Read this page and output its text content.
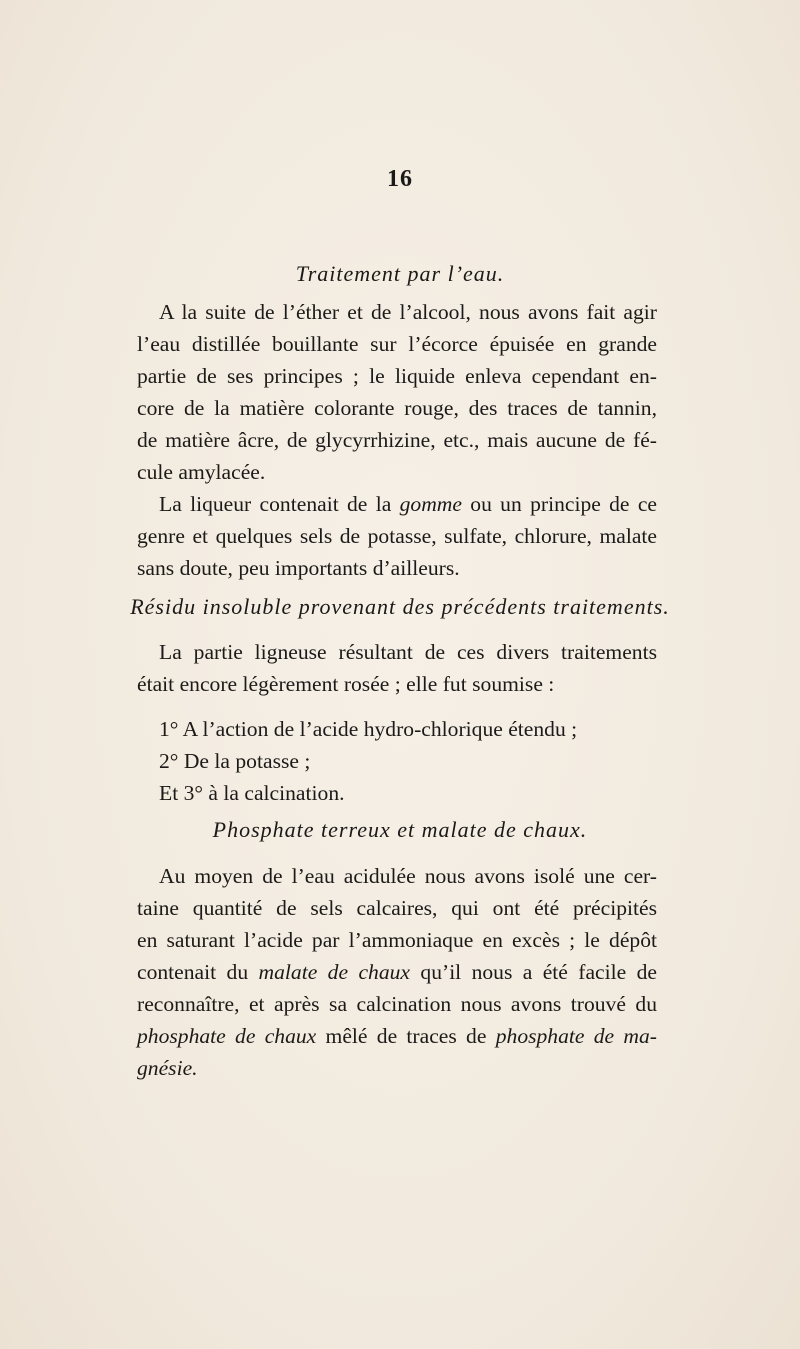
16
Traitement par l’eau.
A la suite de l’éther et de l’alcool, nous avons fait agir
l’eau distillée bouillante sur l’écorce épuisée en grande
partie de ses principes ; le liquide enleva cependant en-
core de la matière colorante rouge, des traces de tannin,
de matière âcre, de glycyrrhizine, etc., mais aucune de fé-
cule amylacée.
La liqueur contenait de la gomme ou un principe de ce
genre et quelques sels de potasse, sulfate, chlorure, malate
sans doute, peu importants d’ailleurs.
Résidu insoluble provenant des précédents traitements.
La partie ligneuse résultant de ces divers traitements
était encore légèrement rosée ; elle fut soumise :
1° A l’action de l’acide hydro-chlorique étendu ;
2° De la potasse ;
Et 3° à la calcination.
Phosphate terreux et malate de chaux.
Au moyen de l’eau acidulée nous avons isolé une cer-
taine quantité de sels calcaires, qui ont été précipités
en saturant l’acide par l’ammoniaque en excès ; le dépôt
contenait du malate de chaux qu’il nous a été facile de
reconnaître, et après sa calcination nous avons trouvé du
phosphate de chaux mêlé de traces de phosphate de ma-
gnésie.
